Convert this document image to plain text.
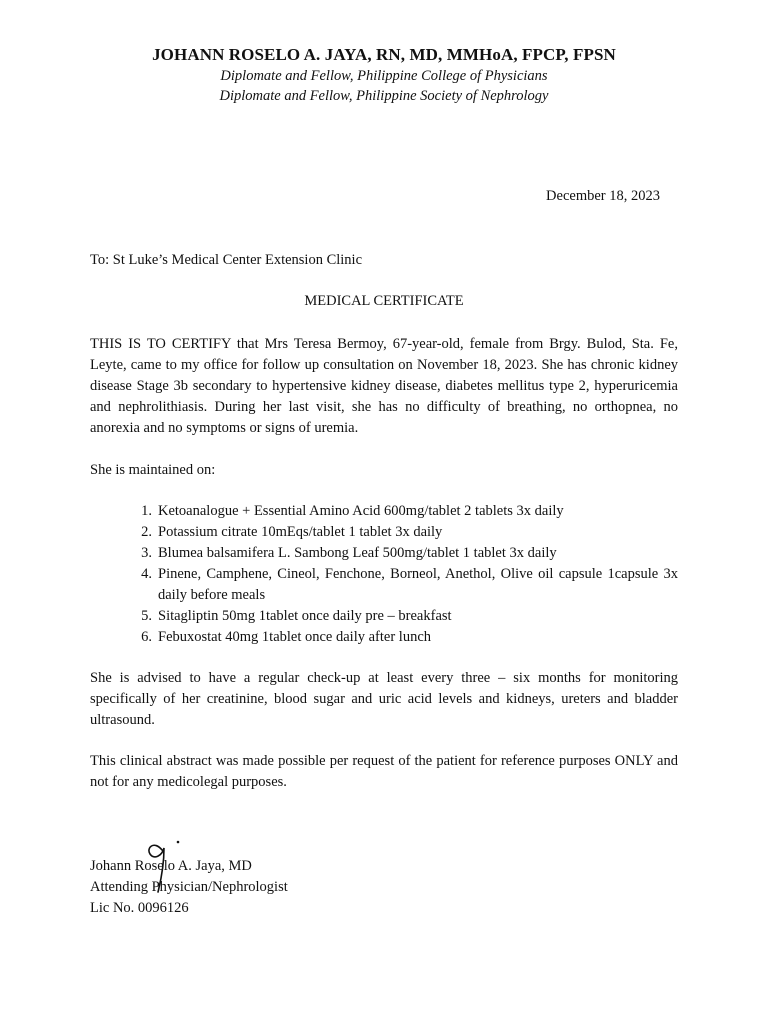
JOHANN ROSELO A. JAYA, RN, MD, MMHoA, FPCP, FPSN

Diplomate and Fellow, Philippine College of Physicians

Diplomate and Fellow, Philippine Society of Nephrology

December 18, 2023
To: St Luke’s Medical Center Extension Clinic
MEDICAL CERTIFICATE

THIS IS TO CERTIFY that Mrs Teresa Bermoy, 67-year-old, female from Brgy. Bulod, Sta. Fe, Leyte, came to my office for follow up consultation on November 18, 2023. She has chronic kidney disease Stage 3b secondary to hypertensive kidney disease, diabetes mellitus type 2, hyperuricemia and nephrolithiasis. During her last visit, she has no difficulty of breathing, no orthopnea, no anorexia and no symptoms or signs of uremia.

She is maintained on:

1. Ketoanalogue + Essential Amino Acid 600mg/tablet 2 tablets 3x daily
2. Potassium citrate 10mEqs/tablet 1 tablet 3x daily
3. Blumea balsamifera L. Sambong Leaf 500mg/tablet 1 tablet 3x daily
4. Pinene, Camphene, Cineol, Fenchone, Borneol, Anethol, Olive oil capsule 1capsule 3x daily before meals
5. Sitagliptin 50mg 1tablet once daily pre – breakfast
6. Febuxostat 40mg 1tablet once daily after lunch

She is advised to have a regular check-up at least every three – six months for monitoring specifically of her creatinine, blood sugar and uric acid levels and kidneys, ureters and bladder ultrasound.

This clinical abstract was made possible per request of the patient for reference purposes ONLY and not for any medicolegal purposes.

Johann Roselo A. Jaya, MD
Attending Physician/Nephrologist
Lic No. 0096126
